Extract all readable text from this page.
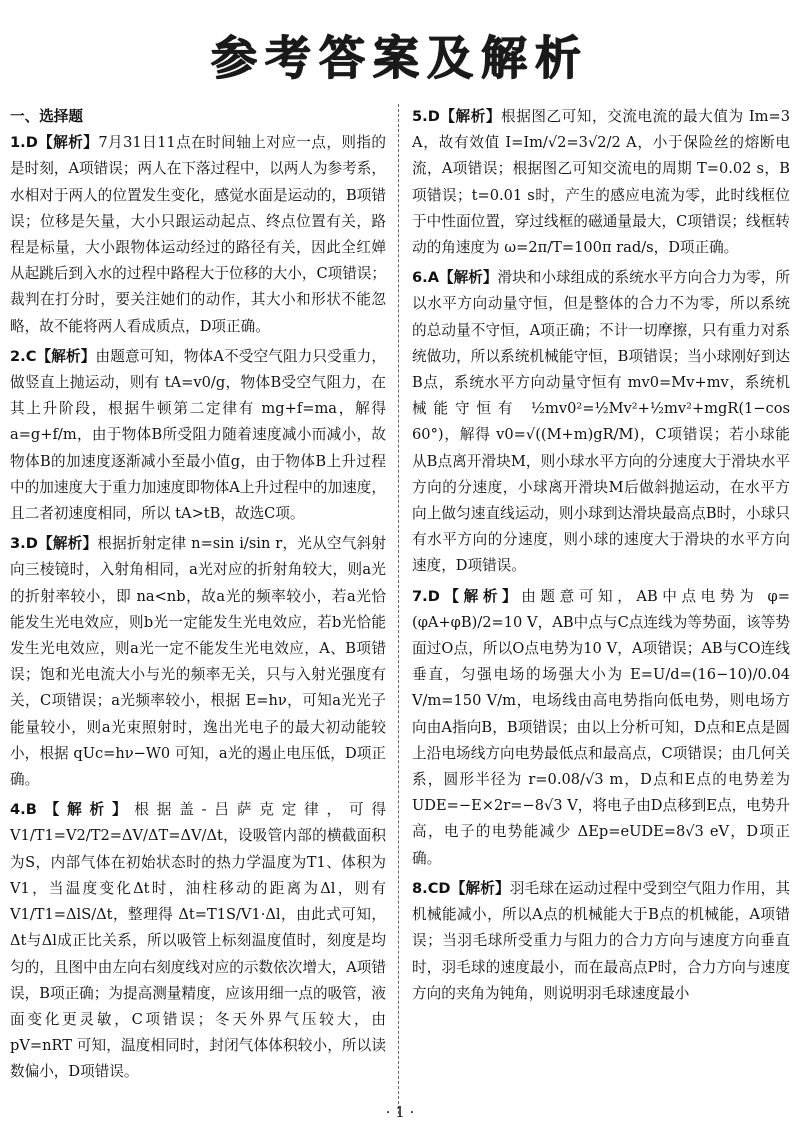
参考答案及解析
一、选择题
1.D【解析】7月31日11点在时间轴上对应一点，则指的是时刻，A项错误；两人在下落过程中，以两人为参考系，水相对于两人的位置发生变化，感觉水面是运动的，B项错误；位移是矢量，大小只跟运动起点、终点位置有关，路程是标量，大小跟物体运动经过的路径有关，因此全红婵从起跳后到入水的过程中路程大于位移的大小，C项错误；裁判在打分时，要关注她们的动作，其大小和形状不能忽略，故不能将两人看成质点，D项正确。
2.C【解析】由题意可知，物体A不受空气阻力只受重力，做竖直上抛运动，则有 tA=v0/g，物体B受空气阻力，在其上升阶段，根据牛顿第二定律有 mg+f=ma，解得 a=g+f/m，由于物体B所受阻力随着速度减小而减小，故物体B的加速度逐渐减小至最小值g，由于物体B上升过程中的加速度大于重力加速度即物体A上升过程中的加速度，且二者初速度相同，所以 tA>tB，故选C项。
3.D【解析】根据折射定律 n=sin i/sin r，光从空气斜射向三棱镜时，入射角相同，a光对应的折射角较大，则a光的折射率较小，即 na<nb，故a光的频率较小，若a光恰能发生光电效应，则b光一定能发生光电效应，若b光恰能发生光电效应，则a光一定不能发生光电效应，A、B项错误；饱和光电流大小与光的频率无关，只与入射光强度有关，C项错误；a光频率较小，根据 E=hν，可知a光光子能量较小，则a光束照射时，逸出光电子的最大初动能较小，根据 qUc=hν−W0 可知，a光的遏止电压低，D项正确。
4.B【解析】根据盖-吕萨克定律，可得 V1/T1=V2/T2=ΔV/ΔT=ΔV/Δt，设吸管内部的横截面积为S，内部气体在初始状态时的热力学温度为T1、体积为V1，当温度变化Δt时，油柱移动的距离为Δl，则有 V1/T1=ΔlS/Δt，整理得 Δt=T1S/V1·Δl，由此式可知，Δt与Δl成正比关系，所以吸管上标刻温度值时，刻度是均匀的，且图中由左向右刻度线对应的示数依次增大，A项错误，B项正确；为提高测量精度，应该用细一点的吸管，液面变化更灵敏，C项错误；冬天外界气压较大，由 pV=nRT 可知，温度相同时，封闭气体体积较小，所以读数偏小，D项错误。
5.D【解析】根据图乙可知，交流电流的最大值为 Im=3 A，故有效值 I=Im/√2=3√2/2 A，小于保险丝的熔断电流，A项错误；根据图乙可知交流电的周期 T=0.02 s，B项错误；t=0.01 s时，产生的感应电流为零，此时线框位于中性面位置，穿过线框的磁通量最大，C项错误；线框转动的角速度为 ω=2π/T=100π rad/s，D项正确。
6.A【解析】滑块和小球组成的系统水平方向合力为零，所以水平方向动量守恒，但是整体的合力不为零，所以系统的总动量不守恒，A项正确；不计一切摩擦，只有重力对系统做功，所以系统机械能守恒，B项错误；当小球刚好到达B点，系统水平方向动量守恒有 mv0=Mv+mv，系统机械能守恒有 ½mv0²=½Mv²+½mv²+mgR(1−cos 60°)，解得 v0=√((M+m)gR/M)，C项错误；若小球能从B点离开滑块M，则小球水平方向的分速度大于滑块水平方向的分速度，小球离开滑块M后做斜抛运动，在水平方向上做匀速直线运动，则小球到达滑块最高点B时，小球只有水平方向的分速度，则小球的速度大于滑块的水平方向速度，D项错误。
7.D【解析】由题意可知，AB中点电势为 φ=(φA+φB)/2=10 V，AB中点与C点连线为等势面，该等势面过O点，所以O点电势为10 V，A项错误；AB与CO连线垂直，匀强电场的场强大小为 E=U/d=(16−10)/0.04 V/m=150 V/m，电场线由高电势指向低电势，则电场方向由A指向B，B项错误；由以上分析可知，D点和E点是圆上沿电场线方向电势最低点和最高点，C项错误；由几何关系，圆形半径为 r=0.08/√3 m，D点和E点的电势差为 UDE=−E×2r=−8√3 V，将电子由D点移到E点，电势升高，电子的电势能减少 ΔEp=eUDE=8√3 eV，D项正确。
8.CD【解析】羽毛球在运动过程中受到空气阻力作用，其机械能减小，所以A点的机械能大于B点的机械能，A项错误；当羽毛球所受重力与阻力的合力方向与速度方向垂直时，羽毛球的速度最小，而在最高点P时，合力方向与速度方向的夹角为钝角，则说明羽毛球速度最小
· 1 ·
